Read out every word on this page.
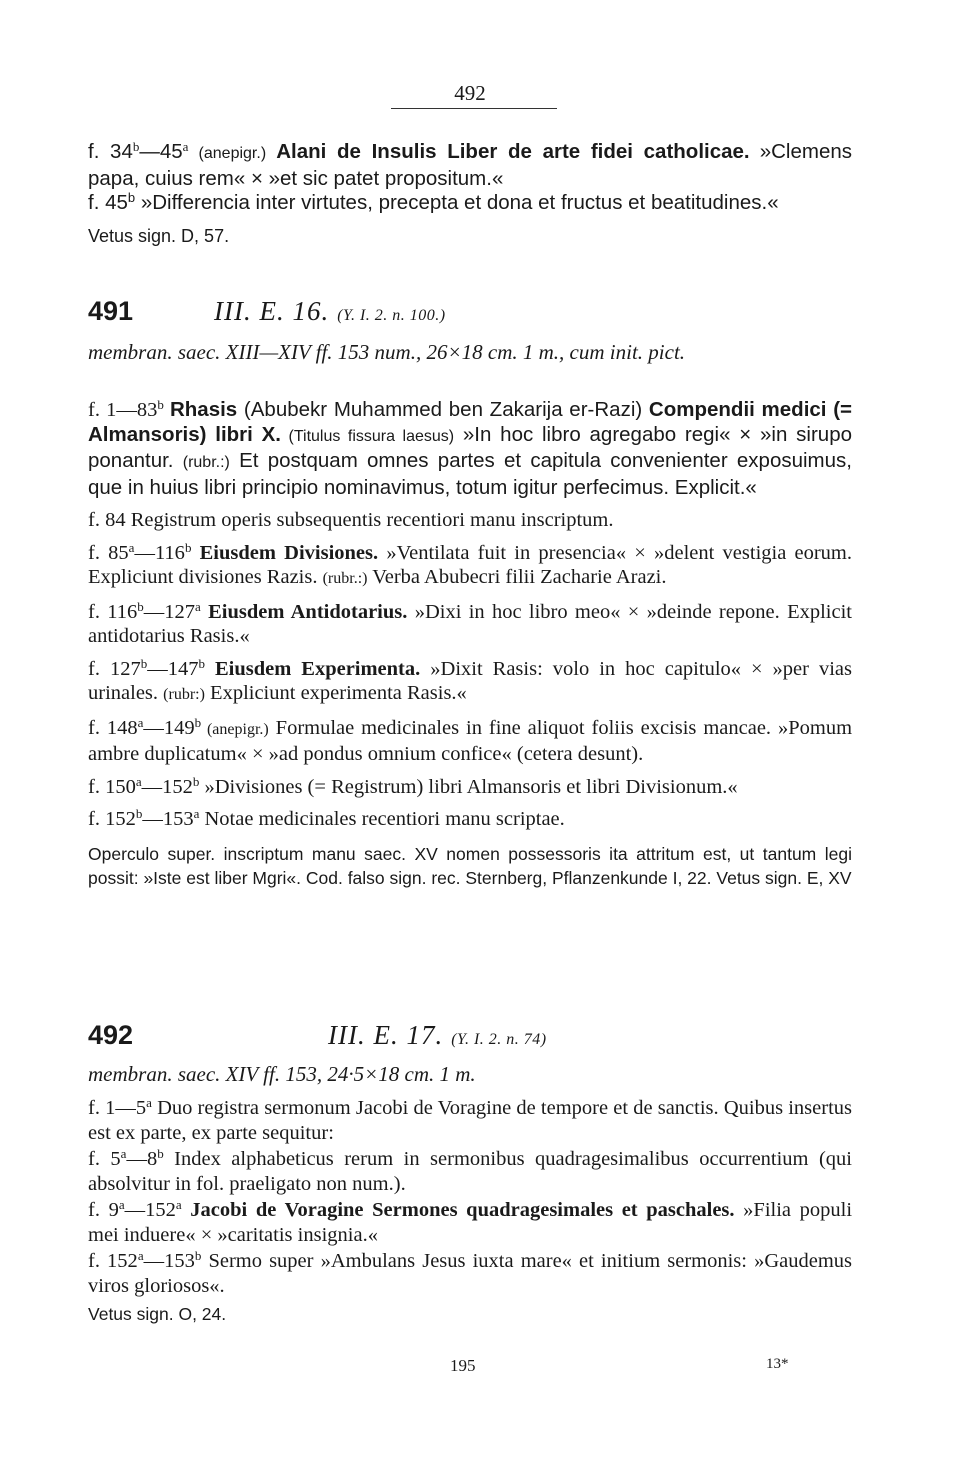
492

f. 34$^b$—45$^a$ (anepigr.) Alani de Insulis Liber de arte fidei catholicae. »Clemens papa, cuius rem« × »et sic patet propositum.«

f. 45$^b$ »Differencia inter virtutes, precepta et dona et fructus et beatitudines.«

Vetus sign. D, 57.

491	III. E. 16. (Y. I. 2. n. 100.)

membran. saec. XIII—XIV ff. 153 num., 26×18 cm. 1 m., cum init. pict.

f. 1—83$^b$ Rhasis (Abubekr Muhammed ben Zakarija er-Razi) Compendii medici (= Almansoris) libri X. (Titulus fissura laesus) »In hoc libro agregabo regi« × »in sirupo ponantur. (rubr.:) Et postquam omnes partes et capitula convenienter exposuimus, que in huius libri principio nominavimus, totum igitur perfecimus. Explicit.«

f. 84 Registrum operis subsequentis recentiori manu inscriptum.

f. 85$^a$—116$^b$ Eiusdem Divisiones. »Ventilata fuit in presencia« × »delent vestigia eorum. Expliciunt divisiones Razis. (rubr.:) Verba Abubecri filii Zacharie Arazi.

f. 116$^b$—127$^a$ Eiusdem Antidotarius. »Dixi in hoc libro meo« × »deinde repone. Explicit antidotarius Rasis.«

f. 127$^b$—147$^b$ Eiusdem Experimenta. »Dixit Rasis: volo in hoc capitulo« × »per vias urinales. (rubr:) Expliciunt experimenta Rasis.«

f. 148$^a$—149$^b$ (anepigr.) Formulae medicinales in fine aliquot foliis excisis mancae. »Pomum ambre duplicatum« × »ad pondus omnium confice« (cetera desunt).

f. 150$^a$—152$^b$ »Divisiones (= Registrum) libri Almansoris et libri Divisionum.«

f. 152$^b$—153$^a$ Notae medicinales recentiori manu scriptae.

Operculo super. inscriptum manu saec. XV nomen possessoris ita attritum est, ut tantum legi possit: »Iste est liber Mgri«. Cod. falso sign. rec. Sternberg, Pflanzenkunde I, 22. Vetus sign. E, XV

492	III. E. 17. (Y. I. 2. n. 74)

membran. saec. XIV ff. 153, 24·5×18 cm. 1 m.

f. 1—5$^a$ Duo registra sermonum Jacobi de Voragine de tempore et de sanctis. Quibus insertus est ex parte, ex parte sequitur:

f. 5$^a$—8$^b$ Index alphabeticus rerum in sermonibus quadragesimalibus occurrentium (qui absolvitur in fol. praeligato non num.).

f. 9$^a$—152$^a$ Jacobi de Voragine Sermones quadragesimales et paschales. »Filia populi mei induere« × »caritatis insignia.«

f. 152$^a$—153$^b$ Sermo super »Ambulans Jesus iuxta mare« et initium sermonis: »Gaudemus viros gloriosos«.

Vetus sign. O, 24.

195	13*
